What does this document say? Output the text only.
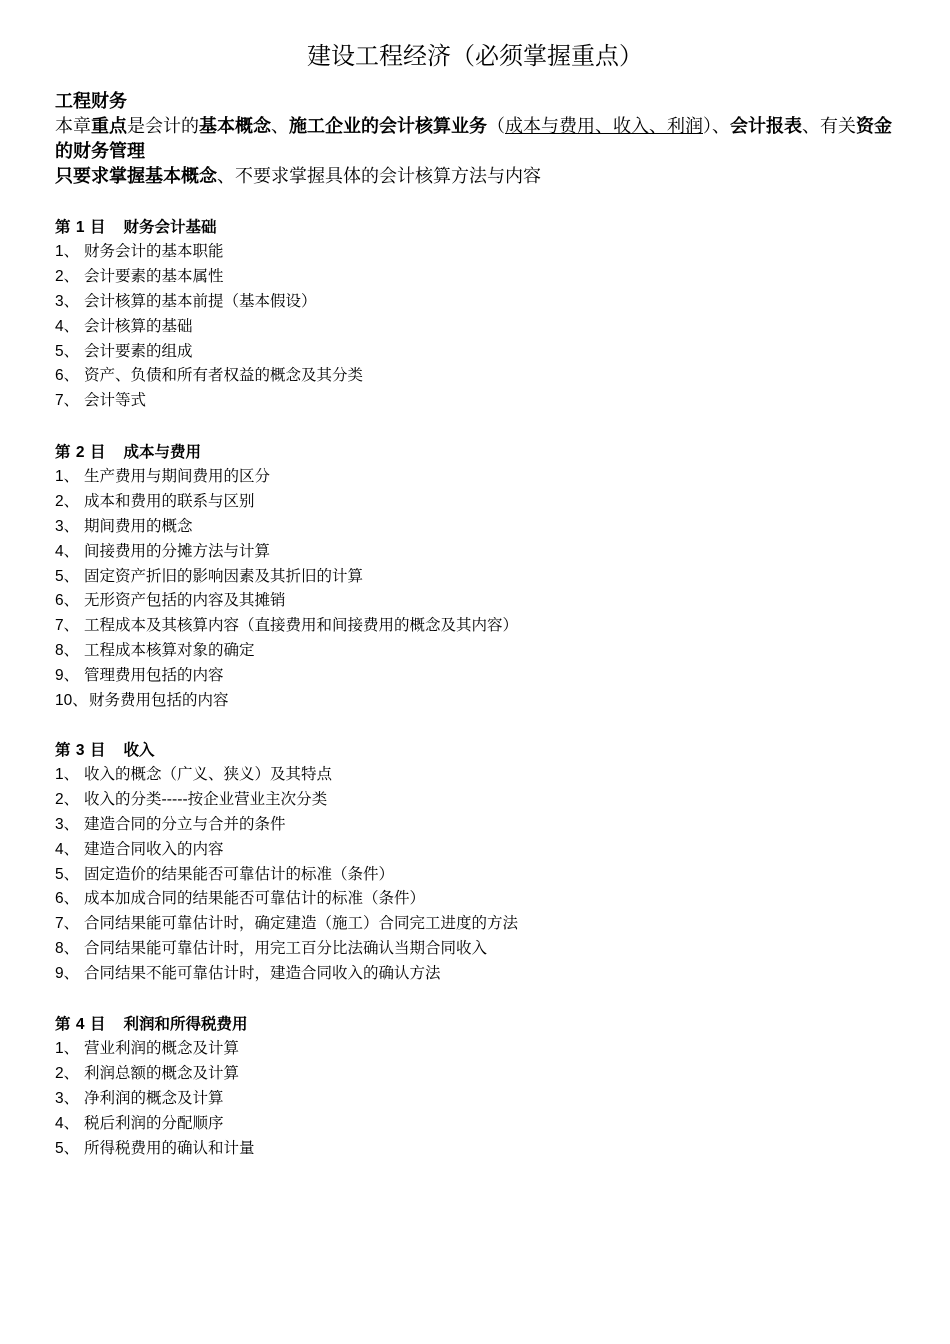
建设工程经济（必须掌握重点）
工程财务
本章重点是会计的基本概念、施工企业的会计核算业务（成本与费用、收入、利润）、会计报表、有关资金的财务管理
只要求掌握基本概念、不要求掌握具体的会计核算方法与内容
第 1 目 财务会计基础
1、 财务会计的基本职能
2、 会计要素的基本属性
3、 会计核算的基本前提（基本假设）
4、 会计核算的基础
5、 会计要素的组成
6、 资产、负债和所有者权益的概念及其分类
7、 会计等式
第 2 目 成本与费用
1、 生产费用与期间费用的区分
2、 成本和费用的联系与区别
3、 期间费用的概念
4、 间接费用的分摊方法与计算
5、 固定资产折旧的影响因素及其折旧的计算
6、 无形资产包括的内容及其摊销
7、 工程成本及其核算内容（直接费用和间接费用的概念及其内容）
8、 工程成本核算对象的确定
9、 管理费用包括的内容
10、财务费用包括的内容
第 3 目 收入
1、 收入的概念（广义、狭义）及其特点
2、 收入的分类-----按企业营业主次分类
3、 建造合同的分立与合并的条件
4、 建造合同收入的内容
5、 固定造价的结果能否可靠估计的标准（条件）
6、 成本加成合同的结果能否可靠估计的标准（条件）
7、 合同结果能可靠估计时，确定建造（施工）合同完工进度的方法
8、 合同结果能可靠估计时，用完工百分比法确认当期合同收入
9、 合同结果不能可靠估计时，建造合同收入的确认方法
第 4 目 利润和所得税费用
1、 营业利润的概念及计算
2、 利润总额的概念及计算
3、 净利润的概念及计算
4、 税后利润的分配顺序
5、 所得税费用的确认和计量
